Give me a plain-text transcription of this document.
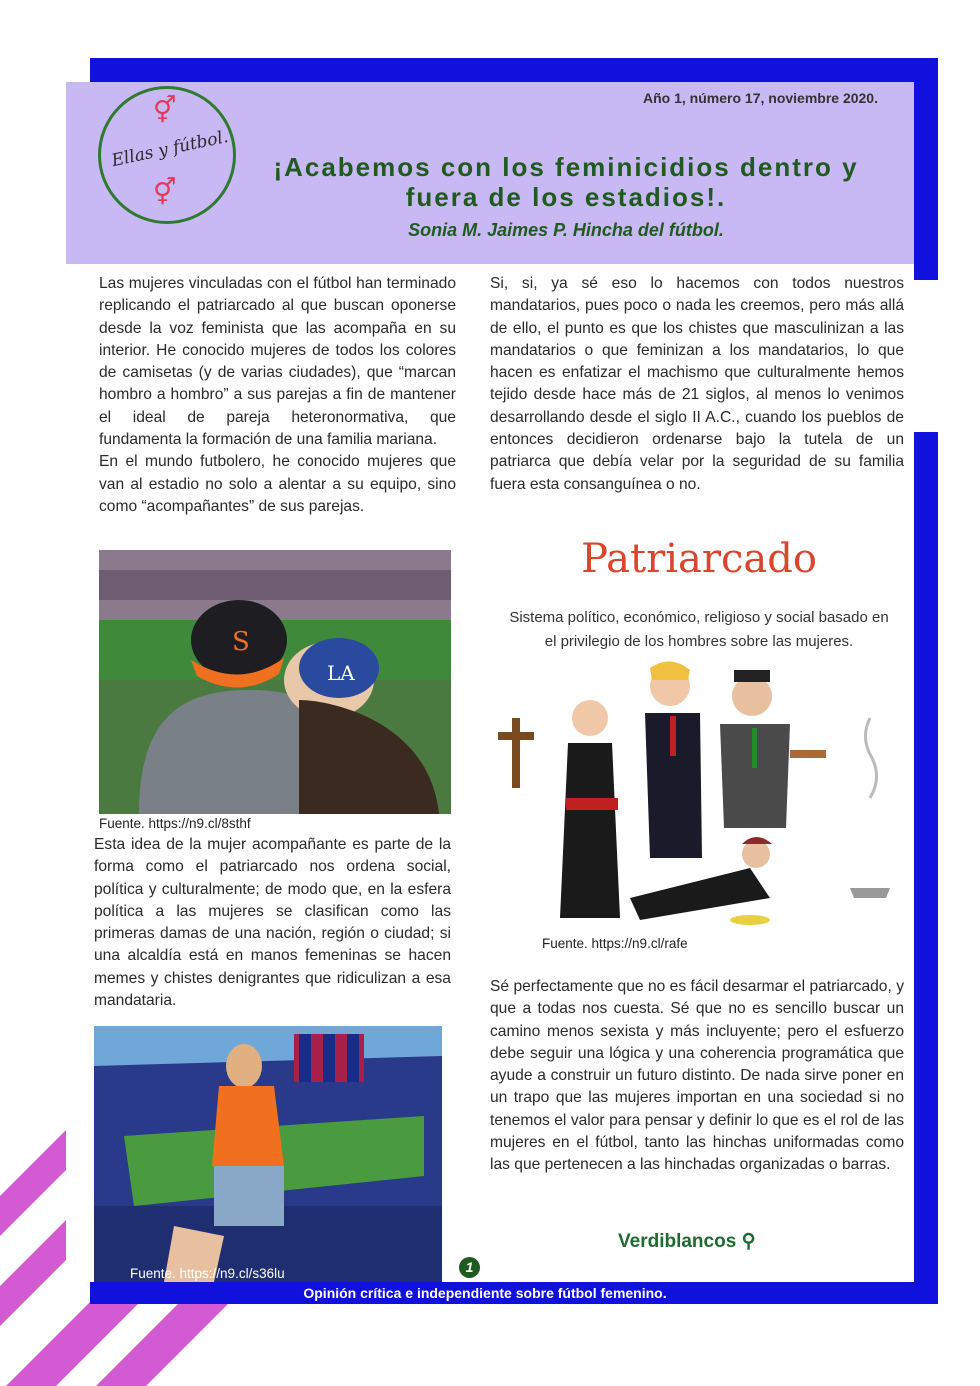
Año 1, número 17, noviembre 2020.
⚥
Ellas y fútbol.
⚥
¡Acabemos con los feminicidios dentro y fuera de los estadios!.
Sonia M. Jaimes P. Hincha del fútbol.

Las mujeres vinculadas con el fútbol han terminado replicando el patriarcado al que buscan oponerse desde la voz feminista que las acompaña en su interior. He conocido mujeres de todos los colores de camisetas (y de varias ciudades), que “marcan hombro a hombro” a sus parejas a fin de mantener el ideal de pareja heteronormativa, que fundamenta la formación de una familia mariana.

En el mundo futbolero, he conocido mujeres que van al estadio no solo a alentar a su equipo, sino como “acompañantes” de sus parejas.

S
LA
Fuente. https://n9.cl/8sthf

Esta idea de la mujer acompañante es parte de la forma como el patriarcado nos ordena social, política y culturalmente; de modo que, en la esfera política a las mujeres se clasifican como las primeras damas de una nación, región o ciudad; si una alcaldía está en manos femeninas se hacen memes y chistes denigrantes que ridiculizan a esa mandataria.

Fuente. https://n9.cl/s36lu

Si, si, ya sé eso lo hacemos con todos nuestros mandatarios, pues poco o nada les creemos, pero más allá de ello, el punto es que los chistes que masculinizan a las mandatarios o que feminizan a los mandatarios, lo que hacen es enfatizar el machismo que culturalmente hemos tejido desde hace más de 21 siglos, al menos lo venimos desarrollando desde el siglo II A.C., cuando los pueblos de entonces decidieron ordenarse bajo la tutela de un patriarca que debía velar por la seguridad de su familia fuera esta consanguínea o no.

Patriarcado
Sistema político, económico, religioso y social basado en el privilegio de los hombres sobre las mujeres.
Fuente. https://n9.cl/rafe

Sé perfectamente que no es fácil desarmar el patriarcado, y que a todas nos cuesta. Sé que no es sencillo buscar un camino menos sexista y más incluyente; pero el esfuerzo debe seguir una lógica y una coherencia programática que ayude a construir un futuro distinto. De nada sirve poner en un trapo que las mujeres importan en una sociedad si no tenemos el valor para pensar y definir lo que es el rol de las mujeres en el fútbol, tanto las hinchas uniformadas como las que pertenecen a las hinchadas organizadas o barras.

Verdiblancos ⚲
1
Opinión crítica e independiente sobre fútbol femenino.
